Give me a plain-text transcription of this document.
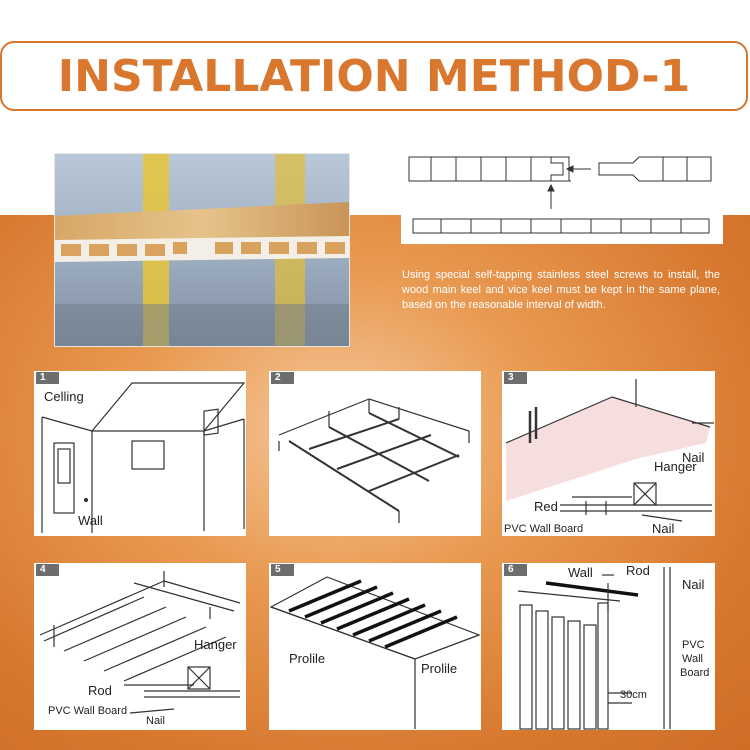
INSTALLATION METHOD-1
Using special self-tapping stainless steel screws to install, the wood main keel and vice keel must be kept in the same plane, based on the reasonable interval of width.
1
Celling
Wall
2	3
Nail
Hanger
Red
PVC Wall Board	Nail
4
Hanger
Rod
PVC Wall Board
Nail
5
Prolile
Prolile
6	Wall	Rod
Nail
PVC
Wall
Board
30cm
